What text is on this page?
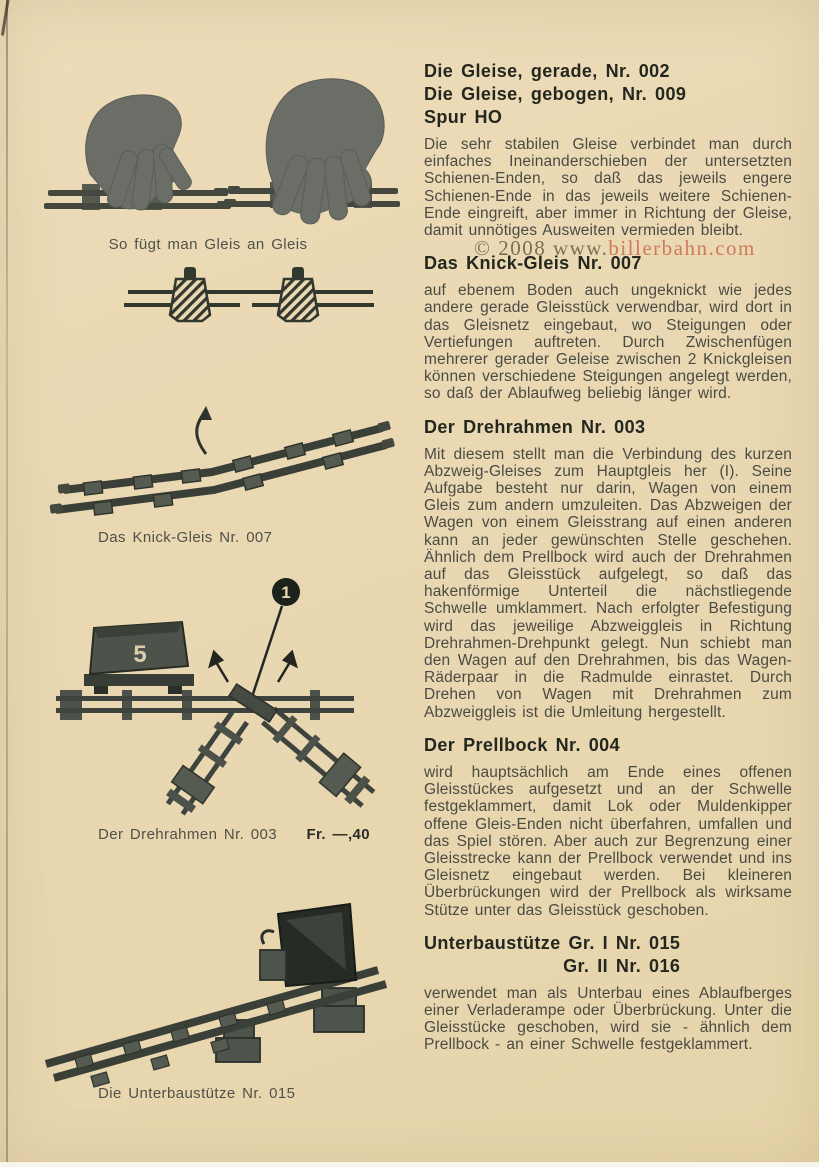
So fügt man Gleis an Gleis
Das Knick-Gleis Nr. 007
1
5
Der Drehrahmen Nr. 003 Fr. —,40
Die Unterbaustütze Nr. 015
Die Gleise, gerade, Nr. 002
Die Gleise, gebogen, Nr. 009
Spur HO

Die sehr stabilen Gleise verbindet man durch einfaches Ineinanderschieben der untersetzten Schienen-Enden, so daß das jeweils engere Schienen-Ende in das jeweils weitere Schienen-Ende eingreift, aber immer in Richtung der Gleise, damit unnötiges Ausweiten vermieden bleibt.

Das Knick-Gleis Nr. 007

auf ebenem Boden auch ungeknickt wie jedes andere gerade Gleisstück verwendbar, wird dort in das Gleisnetz eingebaut, wo Steigungen oder Vertiefungen auftreten. Durch Zwischenfügen mehrerer gerader Geleise zwischen 2 Knickgleisen können verschiedene Steigungen angelegt werden, so daß der Ablaufweg beliebig länger wird.

Der Drehrahmen Nr. 003

Mit diesem stellt man die Verbindung des kurzen Abzweig-Gleises zum Hauptgleis her (I). Seine Aufgabe besteht nur darin, Wagen von einem Gleis zum andern umzuleiten. Das Abzweigen der Wagen von einem Gleisstrang auf einen anderen kann an jeder gewünschten Stelle geschehen. Ähnlich dem Prellbock wird auch der Drehrahmen auf das Gleisstück aufgelegt, so daß das hakenförmige Unterteil die nächstliegende Schwelle umklammert. Nach erfolgter Befestigung wird das jeweilige Abzweiggleis in Richtung Drehrahmen-Drehpunkt gelegt. Nun schiebt man den Wagen auf den Drehrahmen, bis das Wagen-Räderpaar in die Radmulde einrastet. Durch Drehen von Wagen mit Drehrahmen zum Abzweiggleis ist die Umleitung hergestellt.

Der Prellbock Nr. 004

wird hauptsächlich am Ende eines offenen Gleisstückes aufgesetzt und an der Schwelle festgeklammert, damit Lok oder Muldenkipper offene Gleis-Enden nicht überfahren, umfallen und das Spiel stören. Aber auch zur Begrenzung einer Gleisstrecke kann der Prellbock verwendet und ins Gleisnetz eingebaut werden. Bei kleineren Überbrückungen wird der Prellbock als wirksame Stütze unter das Gleisstück geschoben.

Unterbaustütze Gr. I Nr. 015
Gr. II Nr. 016

verwendet man als Unterbau eines Ablaufberges einer Verladerampe oder Überbrückung. Unter die Gleisstücke geschoben, wird sie - ähnlich dem Prellbock - an einer Schwelle festgeklammert.

© 2008 www.billerbahn.com
